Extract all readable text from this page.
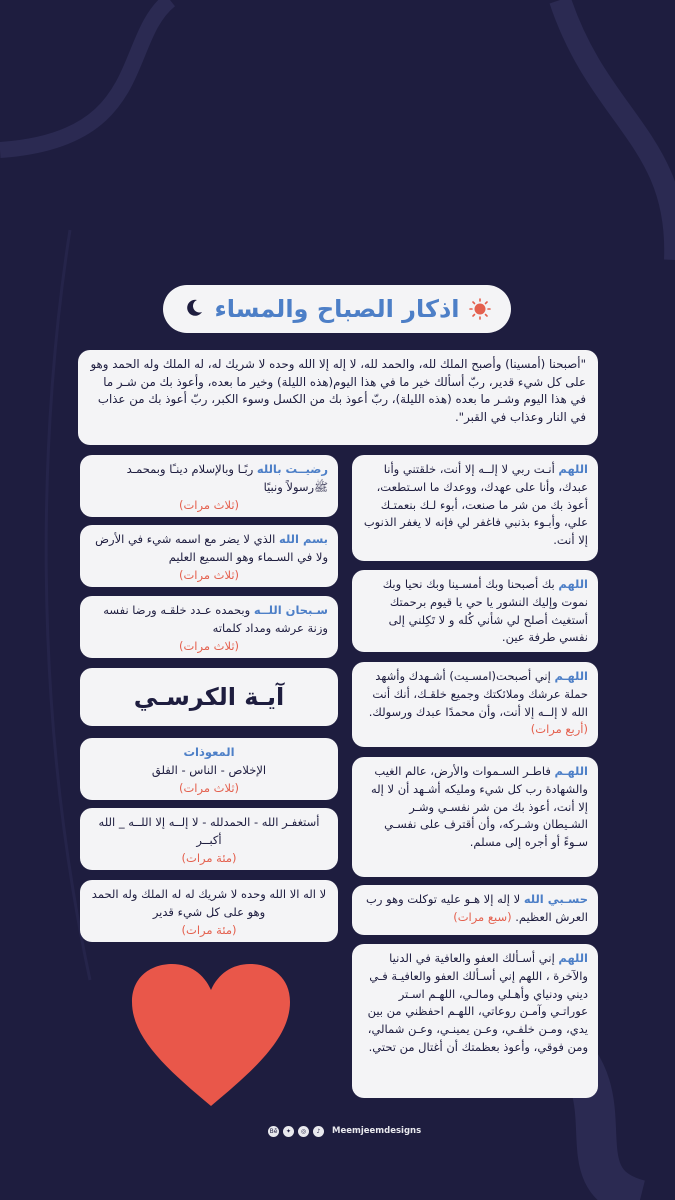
اذكار الصباح والمساء
"أصبحنا (أمسينا) وأصبح الملك لله، والحمد لله، لا إله إلا الله وحده لا شريك له، له الملك وله الحمد وهو على كل شيء قدير، ربّ أسألك خير ما في هذا اليوم(هذه الليلة) وخير ما بعده، وأعوذ بك من شـر ما في هذا اليوم وشـر ما بعده (هذه الليلة)، ربّ أعوذ بك من الكسل وسوء الكبر، ربّ أعوذ بك من عذاب في النار وعذاب في القبر".
اللهم أنـت ربي لا إلــه إلا أنت، خلقتني وأنا عبدك، وأنا على عهدك، ووعدك ما اسـتطعت، أعوذ بك من شر ما صنعت، أبوء لـك بنعمتـك علي، وأبـوء بذنبي فاغفر لي فإنه لا يغفر الذنوب إلا أنت.
اللهم بك أصبحنا وبك أمسـينا وبك نحيا وبك نموت وإليك النشور يا حي يا قيوم برحمتك أستغيث أصلح لي شأني كُله و لا تَكِلني إلى نفسي طرفة عين.
اللهـم إني أصبحت(امسـيت) أشـهدك وأشهد حملة عرشك وملائكتك وجميع خلقـك، أنك أنت الله لا إلــه إلا أنت، وأن محمدًا عبدك ورسولك. (أربع مرات)
اللهـم فاطـر السـموات والأرض، عالم الغيب والشهادة رب كل شيء ومليكه أشـهد أن لا إله إلا أنت، أعوذ بك من شر نفسـي وشـر الشـيطان وشـركه، وأن أقترف على نفسـي سـوءً أو أجره إلى مسلم.
حسـبي الله لا إله إلا هـو عليه توكلت وهو رب العرش العظيم. (سبع مرات)
اللهم إني أسـألك العفو والعافية في الدنيا والآخرة ، اللهم إني أسـألك العفو والعافيـة فـي ديني ودنياي وأهـلي ومالـي، اللهـم اسـتر عوراتـي وآمـن روعاتي، اللهـم احفظني من بين يدي، ومـن خلفـي، وعـن يمينـي، وعـن شمالي، ومن فوقي، وأعوذ بعظمتك أن أغتال من تحتي.
رضيــت بالله ربًـا وبالإسلام دينـًا وبمحمـد ﷺرسولاً ونبيًا
(ثلاث مرات)
بسم الله الذي لا يضر مع اسمه شيء في الأرض ولا في السـماء وهو السميع العليم
(ثلاث مرات)
سـبحان اللــه وبحمده عـدد خلقـه ورضا نفسه وزنة عرشه ومداد كلماته
(ثلاث مرات)
آيـة الكرسـي
المعوذات
الإخلاص - الناس - الفلق
(ثلاث مرات)
أستغفـر الله - الحمدلله - لا إلــه إلا اللــه _ الله أكبــر
(مئة مرات)
لا اله الا الله وحده لا شريك له له الملك وله الحمد وهو على كل شيء قدير
(مئة مرات)
Bē	✦	◎	♪	Meemjeemdesigns
